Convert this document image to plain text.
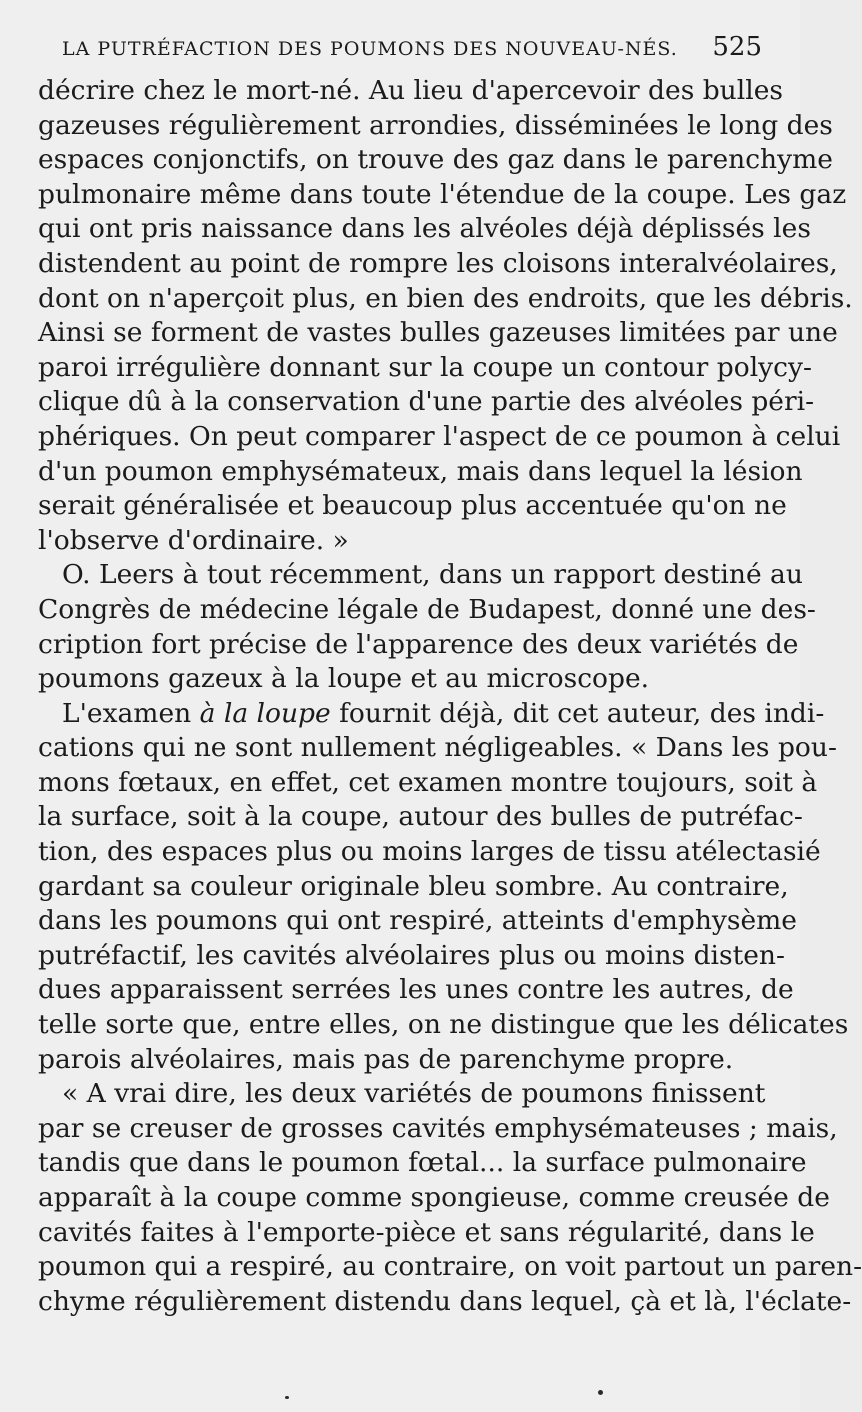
LA PUTRÉFACTION DES POUMONS DES NOUVEAU-NÉS. 525
décrire chez le mort-né. Au lieu d'apercevoir des bulles
gazeuses régulièrement arrondies, disséminées le long des
espaces conjonctifs, on trouve des gaz dans le parenchyme
pulmonaire même dans toute l'étendue de la coupe. Les gaz
qui ont pris naissance dans les alvéoles déjà déplissés les
distendent au point de rompre les cloisons interalvéolaires,
dont on n'aperçoit plus, en bien des endroits, que les débris.
Ainsi se forment de vastes bulles gazeuses limitées par une
paroi irrégulière donnant sur la coupe un contour polycy-
clique dû à la conservation d'une partie des alvéoles péri-
phériques. On peut comparer l'aspect de ce poumon à celui
d'un poumon emphysémateux, mais dans lequel la lésion
serait généralisée et beaucoup plus accentuée qu'on ne
l'observe d'ordinaire. »
O. Leers à tout récemment, dans un rapport destiné au
Congrès de médecine légale de Budapest, donné une des-
cription fort précise de l'apparence des deux variétés de
poumons gazeux à la loupe et au microscope.
L'examen à la loupe fournit déjà, dit cet auteur, des indi-
cations qui ne sont nullement négligeables. « Dans les pou-
mons fœtaux, en effet, cet examen montre toujours, soit à
la surface, soit à la coupe, autour des bulles de putréfac-
tion, des espaces plus ou moins larges de tissu atélectasié
gardant sa couleur originale bleu sombre. Au contraire,
dans les poumons qui ont respiré, atteints d'emphysème
putréfactif, les cavités alvéolaires plus ou moins disten-
dues apparaissent serrées les unes contre les autres, de
telle sorte que, entre elles, on ne distingue que les délicates
parois alvéolaires, mais pas de parenchyme propre.
« A vrai dire, les deux variétés de poumons finissent
par se creuser de grosses cavités emphysémateuses ; mais,
tandis que dans le poumon fœtal... la surface pulmonaire
apparaît à la coupe comme spongieuse, comme creusée de
cavités faites à l'emporte-pièce et sans régularité, dans le
poumon qui a respiré, au contraire, on voit partout un paren-
chyme régulièrement distendu dans lequel, çà et là, l'éclate-
